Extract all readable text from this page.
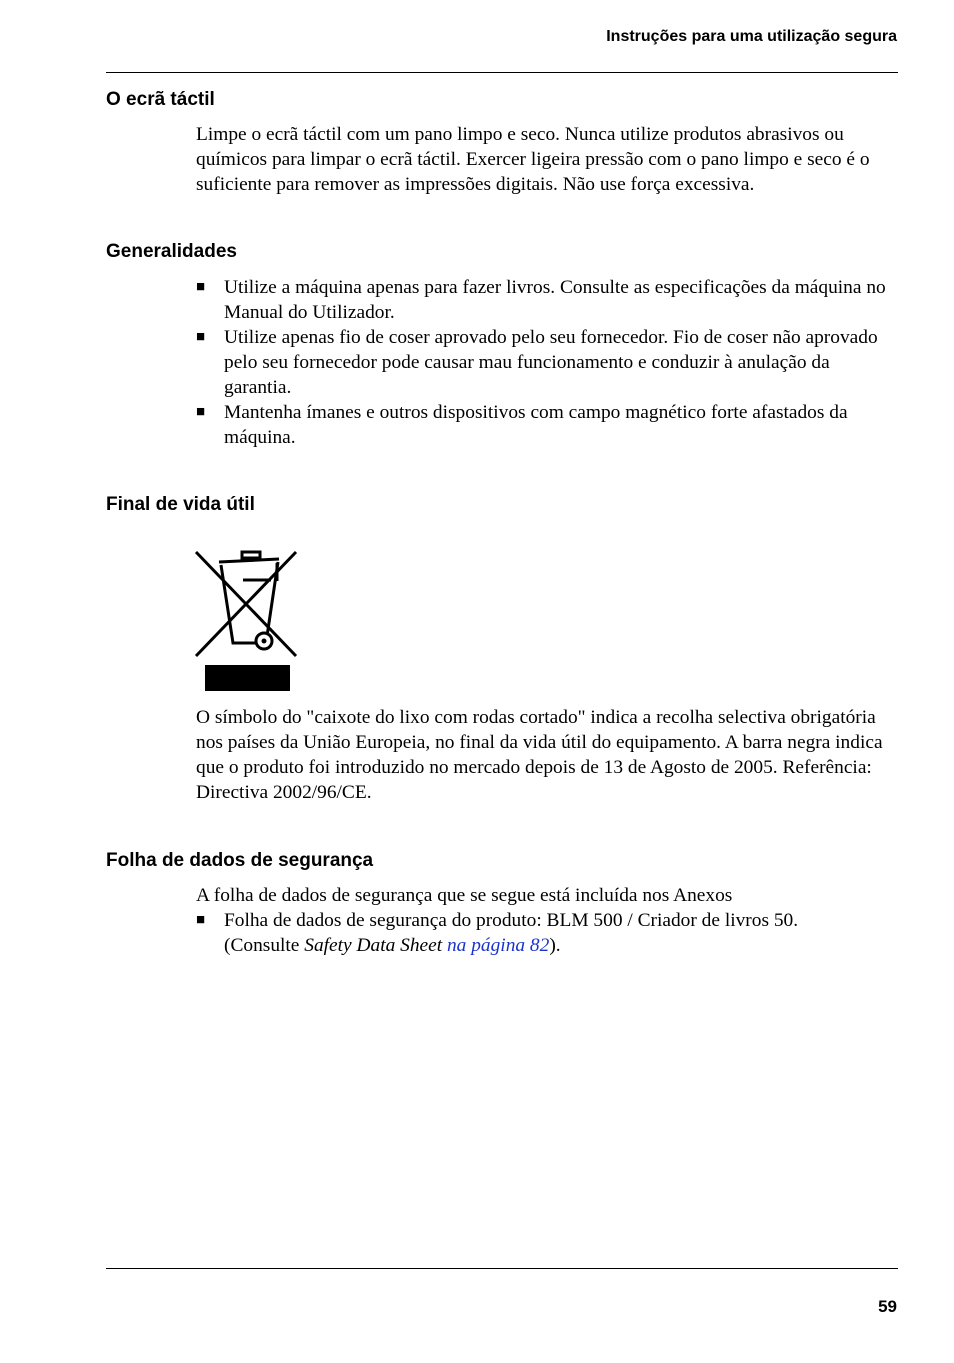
Instruções para uma utilização segura
O ecrã táctil

Limpe o ecrã táctil com um pano limpo e seco. Nunca utilize produtos abrasivos ou químicos para limpar o ecrã táctil. Exercer ligeira pressão com o pano limpo e seco é o suficiente para remover as impressões digitais. Não use força excessiva.

Generalidades
■ Utilize a máquina apenas para fazer livros. Consulte as especificações da máquina no Manual do Utilizador.
■ Utilize apenas fio de coser aprovado pelo seu fornecedor. Fio de coser não aprovado pelo seu fornecedor pode causar mau funcionamento e conduzir à anulação da garantia.
■ Mantenha ímanes e outros dispositivos com campo magnético forte afastados da máquina.
Final de vida útil

O símbolo do "caixote do lixo com rodas cortado" indica a recolha selectiva obrigatória nos países da União Europeia, no final da vida útil do equipamento. A barra negra indica que o produto foi introduzido no mercado depois de 13 de Agosto de 2005. Referência: Directiva 2002/96/CE.

Folha de dados de segurança

A folha de dados de segurança que se segue está incluída nos Anexos

■ Folha de dados de segurança do produto: BLM 500 / Criador de livros 50.
(Consulte Safety Data Sheet na página 82).
59
